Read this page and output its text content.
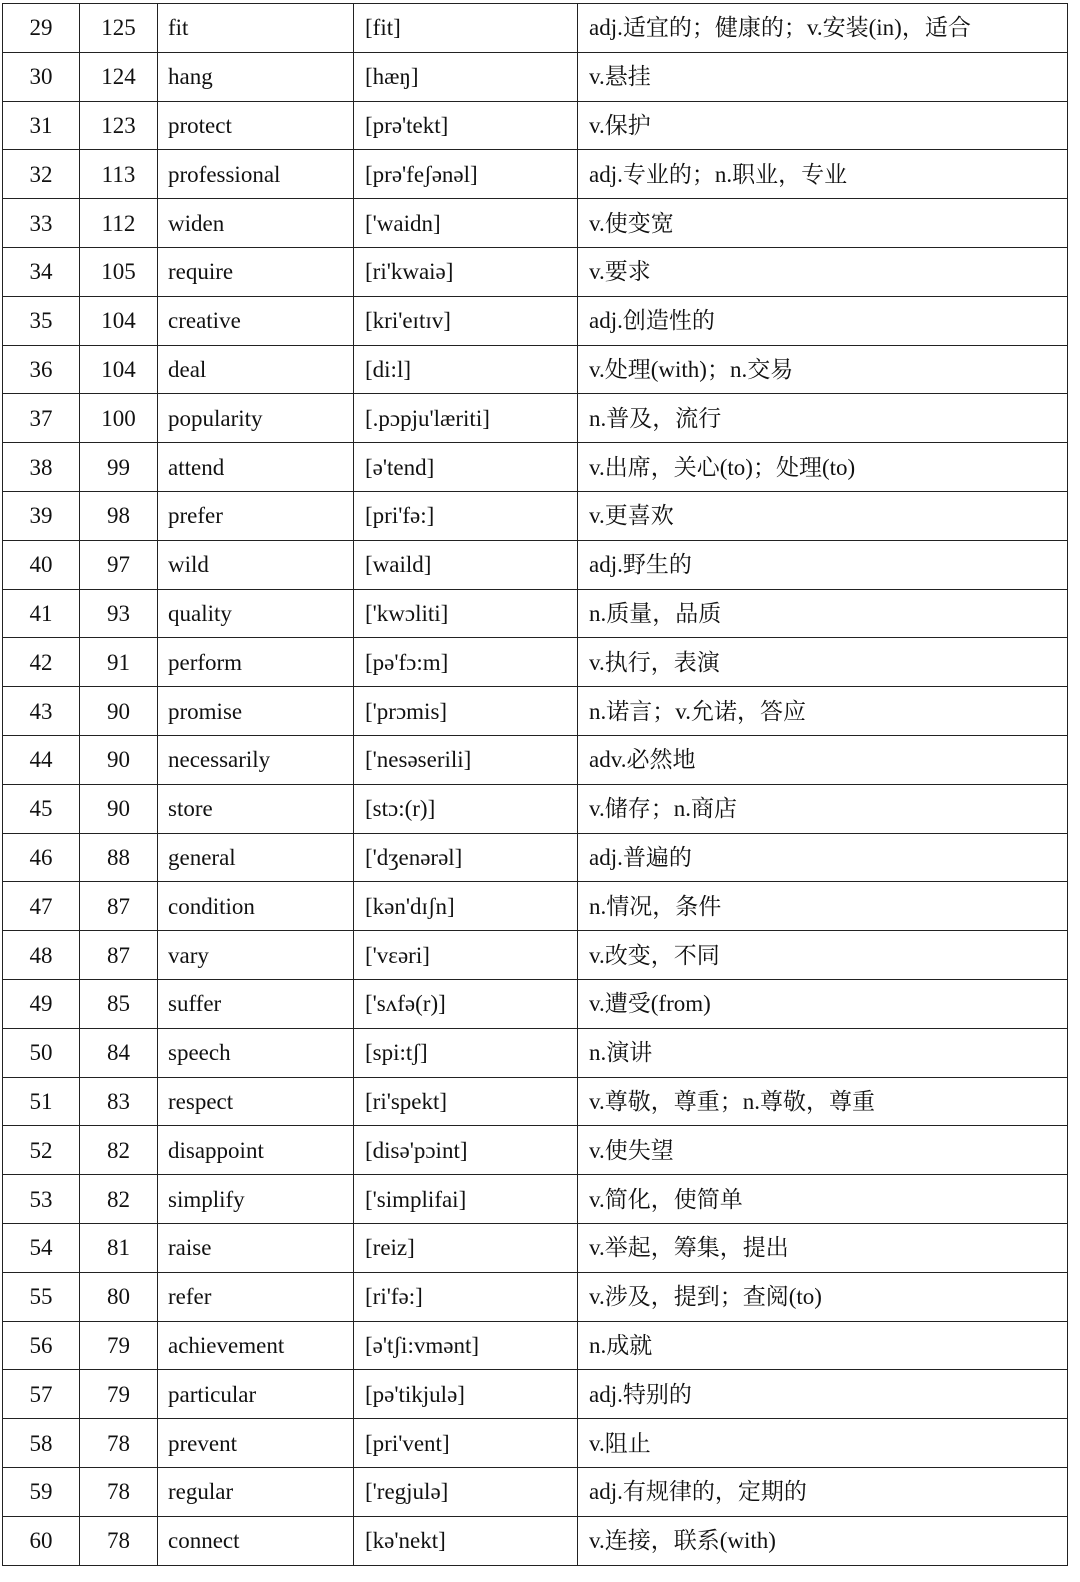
29	125	fit	[fit]	adj.适宜的；健康的；v.安装(in)，适合
30	124	hang	[hæŋ]	v.悬挂
31	123	protect	[prə'tekt]	v.保护
32	113	professional	[prə'feʃənəl]	adj.专业的；n.职业，专业
33	112	widen	['waidn]	v.使变宽
34	105	require	[ri'kwaiə]	v.要求
35	104	creative	[kri'eɪtɪv]	adj.创造性的
36	104	deal	[di:l]	v.处理(with)；n.交易
37	100	popularity	[.pɔpju'læriti]	n.普及，流行
38	99	attend	[ə'tend]	v.出席，关心(to)；处理(to)
39	98	prefer	[pri'fə:]	v.更喜欢
40	97	wild	[waild]	adj.野生的
41	93	quality	['kwɔliti]	n.质量，品质
42	91	perform	[pə'fɔ:m]	v.执行，表演
43	90	promise	['prɔmis]	n.诺言；v.允诺，答应
44	90	necessarily	['nesəserili]	adv.必然地
45	90	store	[stɔ:(r)]	v.储存；n.商店
46	88	general	['dʒenərəl]	adj.普遍的
47	87	condition	[kən'dɪʃn]	n.情况，条件
48	87	vary	['vɛəri]	v.改变，不同
49	85	suffer	['sʌfə(r)]	v.遭受(from)
50	84	speech	[spi:tʃ]	n.演讲
51	83	respect	[ri'spekt]	v.尊敬，尊重；n.尊敬，尊重
52	82	disappoint	[disə'pɔint]	v.使失望
53	82	simplify	['simplifai]	v.简化，使简单
54	81	raise	[reiz]	v.举起，筹集，提出
55	80	refer	[ri'fə:]	v.涉及，提到；查阅(to)
56	79	achievement	[ə'tʃi:vmənt]	n.成就
57	79	particular	[pə'tikjulə]	adj.特别的
58	78	prevent	[pri'vent]	v.阻止
59	78	regular	['regjulə]	adj.有规律的，定期的
60	78	connect	[kə'nekt]	v.连接，联系(with)
